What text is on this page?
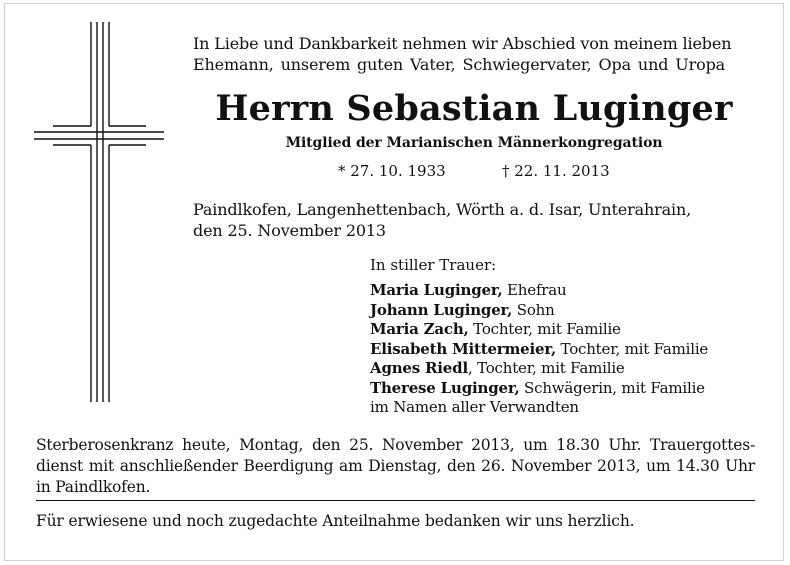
In Liebe und Dankbarkeit nehmen wir Abschied von meinem lieben
Ehemann, unserem guten Vater, Schwiegervater, Opa und Uropa
Herrn Sebastian Luginger
Mitglied der Marianischen Männerkongregation
* 27. 10. 1933	† 22. 11. 2013
Paindlkofen, Langenhettenbach, Wörth a. d. Isar, Unterahrain,
den 25. November 2013
In stiller Trauer:
Maria Luginger, Ehefrau
Johann Luginger, Sohn
Maria Zach, Tochter, mit Familie
Elisabeth Mittermeier, Tochter, mit Familie
Agnes Riedl, Tochter, mit Familie
Therese Luginger, Schwägerin, mit Familie
im Namen aller Verwandten
Sterberosenkranz heute, Montag, den 25. November 2013, um 18.30 Uhr. Trauergottes-dienst mit anschließender Beerdigung am Dienstag, den 26. November 2013, um 14.30 Uhr in Paindlkofen.
Für erwiesene und noch zugedachte Anteilnahme bedanken wir uns herzlich.
